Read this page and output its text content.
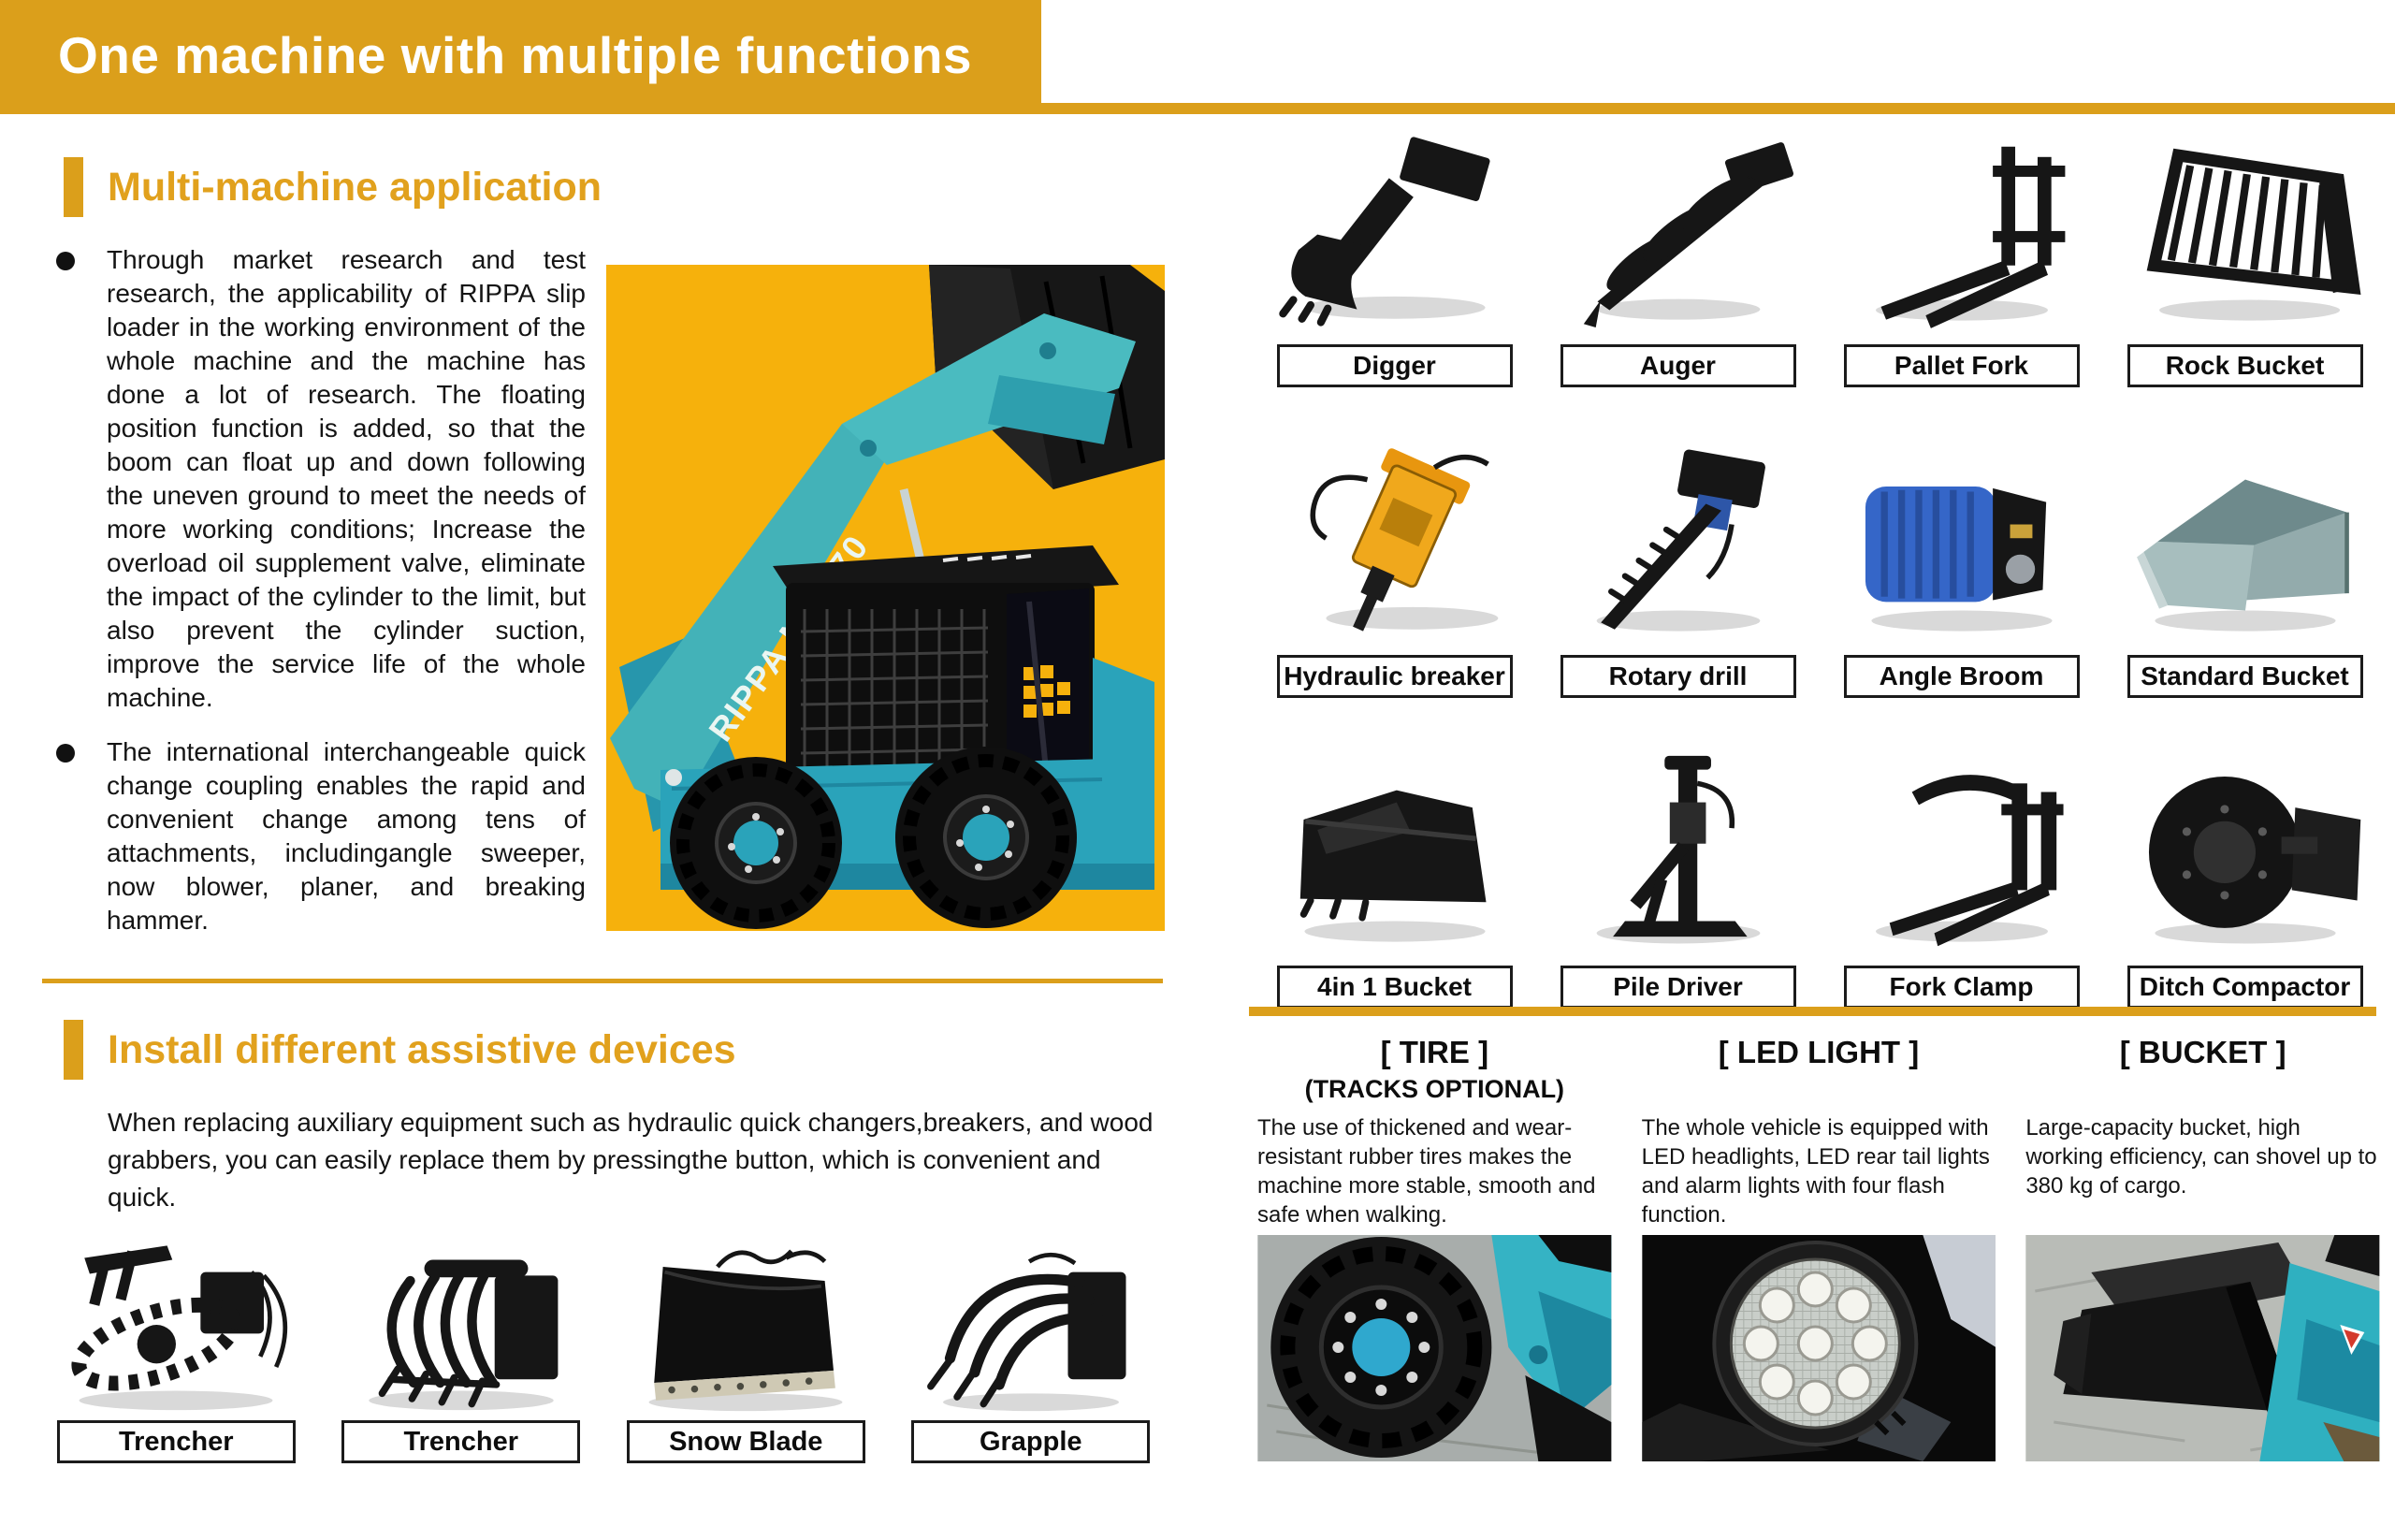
One machine with multiple functions
Multi-machine application

Through market research and test research, the applicability of RIPPA slip loader in the working environment of the whole machine and the machine has done a lot of research. The floating position function is added, so that the boom can float up and down following the uneven ground to meet the needs of more working conditions; Increase the overload oil supplement valve, eliminate the impact of the cylinder to the limit, but also prevent the cylinder suction, improve the service life of the whole machine.

The international interchangeable quick change coupling enables the rapid and convenient change among tens of attachments, includingangle sweeper, now blower, planer, and breaking hammer.

RIPPA
Digger	Auger	Pallet Fork	Rock Bucket
Hydraulic breaker	Rotary drill	Angle Broom	Standard Bucket
4in 1 Bucket	Pile Driver	Fork Clamp	Ditch Compactor
Install different assistive devices

When replacing auxiliary equipment such as hydraulic quick changers,breakers, and wood grabbers, you can easily replace them by pressingthe button, which is convenient and quick.

Trencher	Trencher	Snow Blade	Grapple
[ TIRE ]
(TRACKS OPTIONAL)

The use of thickened and wear-resistant rubber tires makes the machine more stable, smooth and safe when walking.

[ LED LIGHT ]

The whole vehicle is equipped with LED headlights, LED rear tail lights and alarm lights with four flash function.

[ BUCKET ]

Large-capacity bucket, high working efficiency, can shovel up to 380 kg of cargo.
